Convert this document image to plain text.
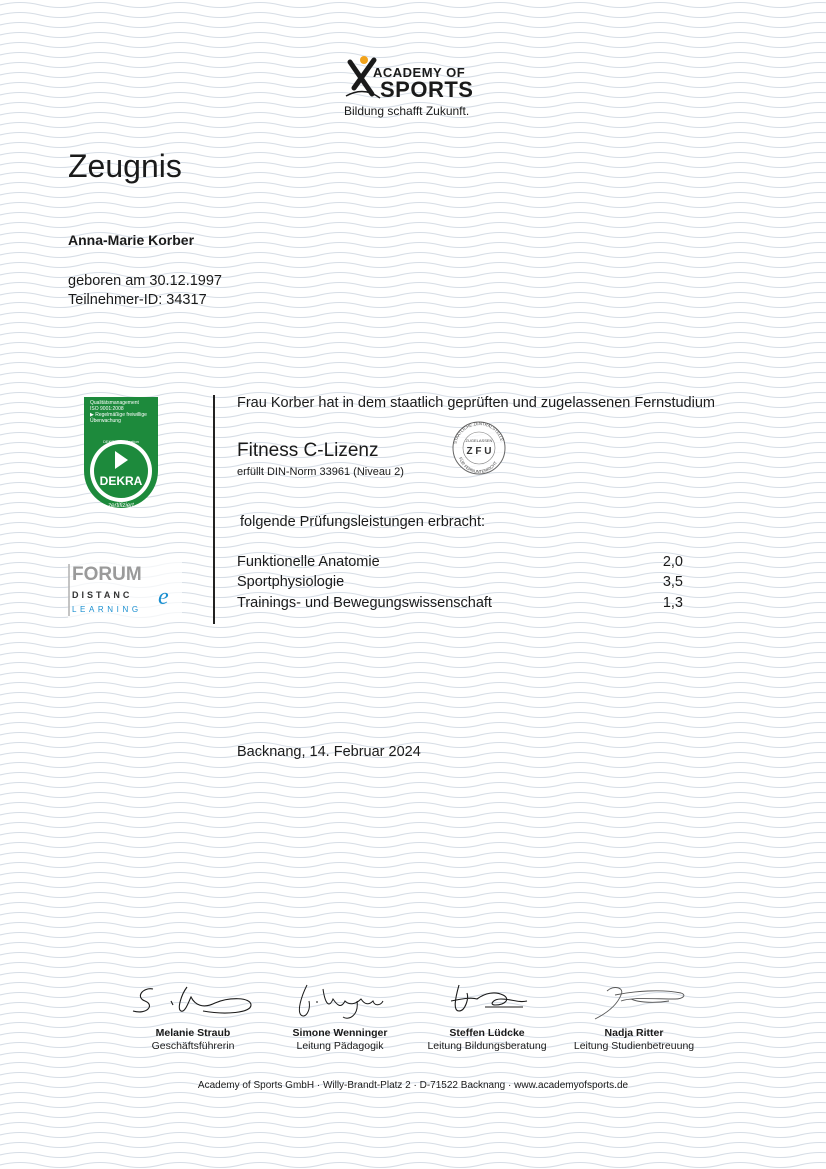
ACADEMY OF
SPORTS
Bildung schafft Zukunft.
Zeugnis
Anna-Marie Korber
geboren am 30.12.1997
Teilnehmer-ID: 34317
Qualitätsmanagement
ISO 9001:2008
▶ Regelmäßige freiwillige
Überwachung
DEKRA
DEKRA Certification
zertifiziert
FORUM
DISTANC
LEARNING e
Frau Korber hat in dem staatlich geprüften und zugelassenen Fernstudium
Fitness C-Lizenz
erfüllt DIN-Norm 33961 (Niveau 2)
STAATLICHE ZENTRALSTELLE
FÜR FERNUNTERRICHT
ZUGELASSEN
Z F U
folgende Prüfungsleistungen erbracht:
Funktionelle Anatomie	2,0
Sportphysiologie	3,5
Trainings- und Bewegungswissenschaft	1,3
Backnang, 14. Februar 2024
Melanie Straub
Geschäftsführerin
Simone Wenninger
Leitung Pädagogik
Steffen Lüdcke
Leitung Bildungsberatung
Nadja Ritter
Leitung Studienbetreuung
Academy of Sports GmbH · Willy-Brandt-Platz 2 · D-71522 Backnang · www.academyofsports.de
